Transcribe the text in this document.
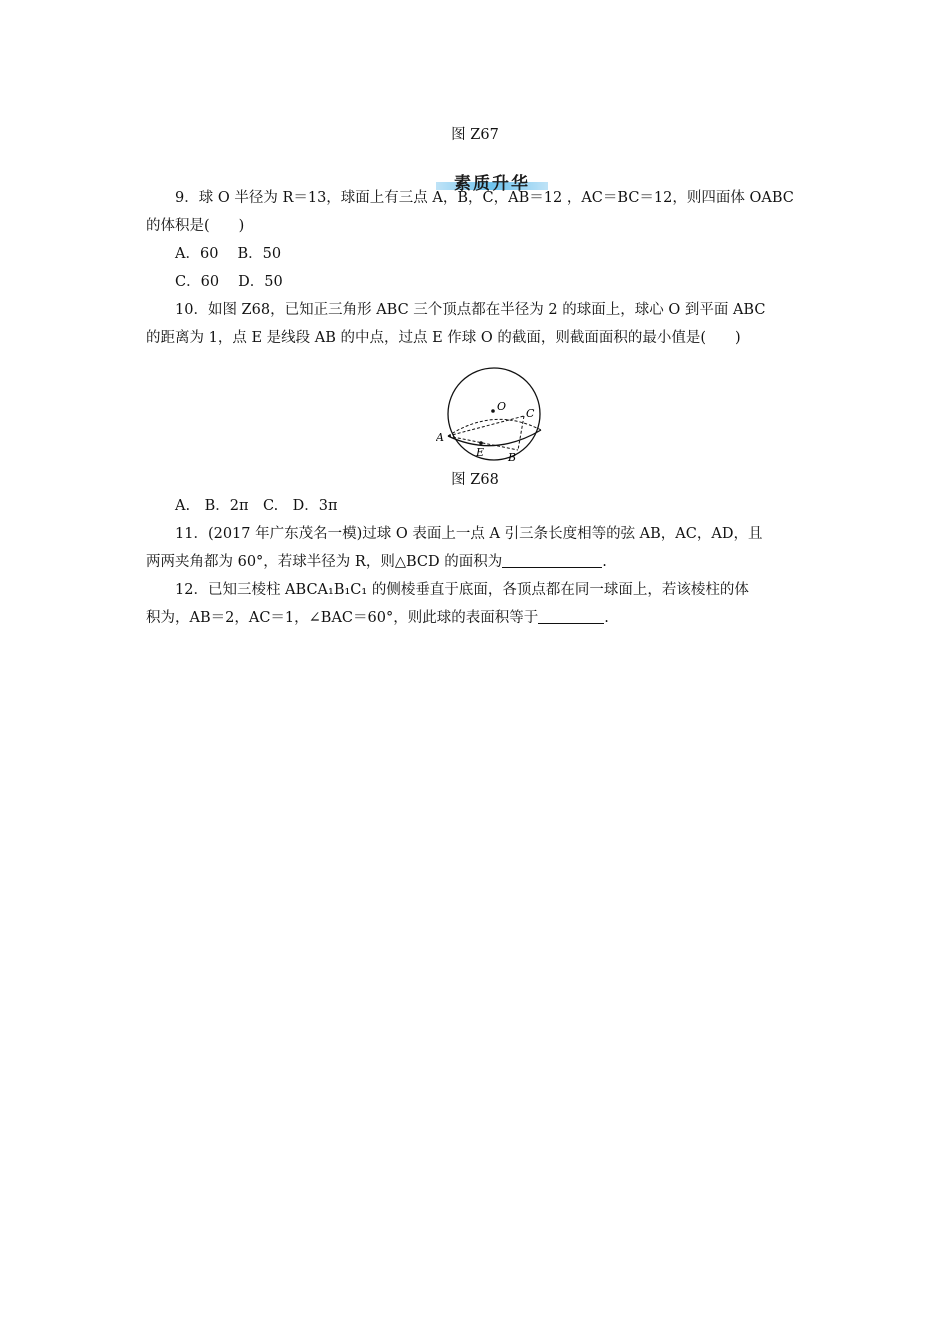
图 Z67
素质升华
9．球 O 半径为 R＝13，球面上有三点 A，B，C，AB＝12 ，AC＝BC＝12，则四面体 OABC
的体积是(　　)
A．60　 B．50
C．60　 D．50
10．如图 Z68，已知正三角形 ABC 三个顶点都在半径为 2 的球面上，球心 O 到平面 ABC
的距离为 1，点 E 是线段 AB 的中点，过点 E 作球 O 的截面，则截面面积的最小值是(　　)
O
C
A
E B
图 Z68
A.　B．2π　C.　D．3π
11．(2017 年广东茂名一模)过球 O 表面上一点 A 引三条长度相等的弦 AB，AC，AD，且
两两夹角都为 60°，若球半径为 R，则△BCD 的面积为	.
12．已知三棱柱 ABCA₁B₁C₁ 的侧棱垂直于底面，各顶点都在同一球面上，若该棱柱的体
积为，AB＝2，AC＝1，∠BAC＝60°，则此球的表面积等于	.
